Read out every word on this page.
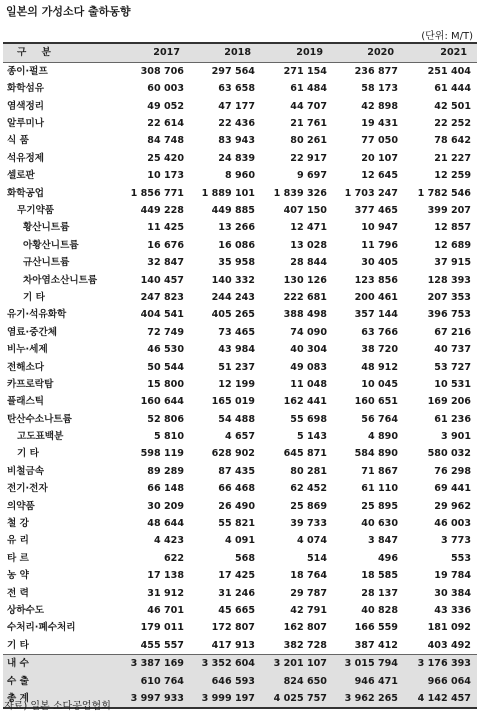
일본의 가성소다 출하동향
(단위: M/T)
구 분	2017	2018	2019	2020	2021
종이·펄프	308 706	297 564	271 154	236 877	251 404
화학섬유	60 003	63 658	61 484	58 173	61 444
염색정리	49 052	47 177	44 707	42 898	42 501
알루미나	22 614	22 436	21 761	19 431	22 252
식 품	84 748	83 943	80 261	77 050	78 642
석유정제	25 420	24 839	22 917	20 107	21 227
셀로판	10 173	8 960	9 697	12 645	12 259
화학공업	1 856 771	1 889 101	1 839 326	1 703 247	1 782 546
무기약품	449 228	449 885	407 150	377 465	399 207
황산니트륨	11 425	13 266	12 471	10 947	12 857
아황산니트륨	16 676	16 086	13 028	11 796	12 689
규산니트륨	32 847	35 958	28 844	30 405	37 915
차아염소산니트륨	140 457	140 332	130 126	123 856	128 393
기 타	247 823	244 243	222 681	200 461	207 353
유기·석유화학	404 541	405 265	388 498	357 144	396 753
염료·중간체	72 749	73 465	74 090	63 766	67 216
비누·세제	46 530	43 984	40 304	38 720	40 737
전해소다	50 544	51 237	49 083	48 912	53 727
카프로락탐	15 800	12 199	11 048	10 045	10 531
플래스틱	160 644	165 019	162 441	160 651	169 206
탄산수소나트륨	52 806	54 488	55 698	56 764	61 236
고도표백분	5 810	4 657	5 143	4 890	3 901
기 타	598 119	628 902	645 871	584 890	580 032
비철금속	89 289	87 435	80 281	71 867	76 298
전기·전자	66 148	66 468	62 452	61 110	69 441
의약품	30 209	26 490	25 869	25 895	29 962
철 강	48 644	55 821	39 733	40 630	46 003
유 리	4 423	4 091	4 074	3 847	3 773
타 르	622	568	514	496	553
농 약	17 138	17 425	18 764	18 585	19 784
전 력	31 912	31 246	29 787	28 137	30 384
상하수도	46 701	45 665	42 791	40 828	43 336
수처리·폐수처리	179 011	172 807	162 807	166 559	181 092
기 타	455 557	417 913	382 728	387 412	403 492
내 수	3 387 169	3 352 604	3 201 107	3 015 794	3 176 393
수 출	610 764	646 593	824 650	946 471	966 064
총 계	3 997 933	3 999 197	4 025 757	3 962 265	4 142 457
자료) 일본 소다공업협회
